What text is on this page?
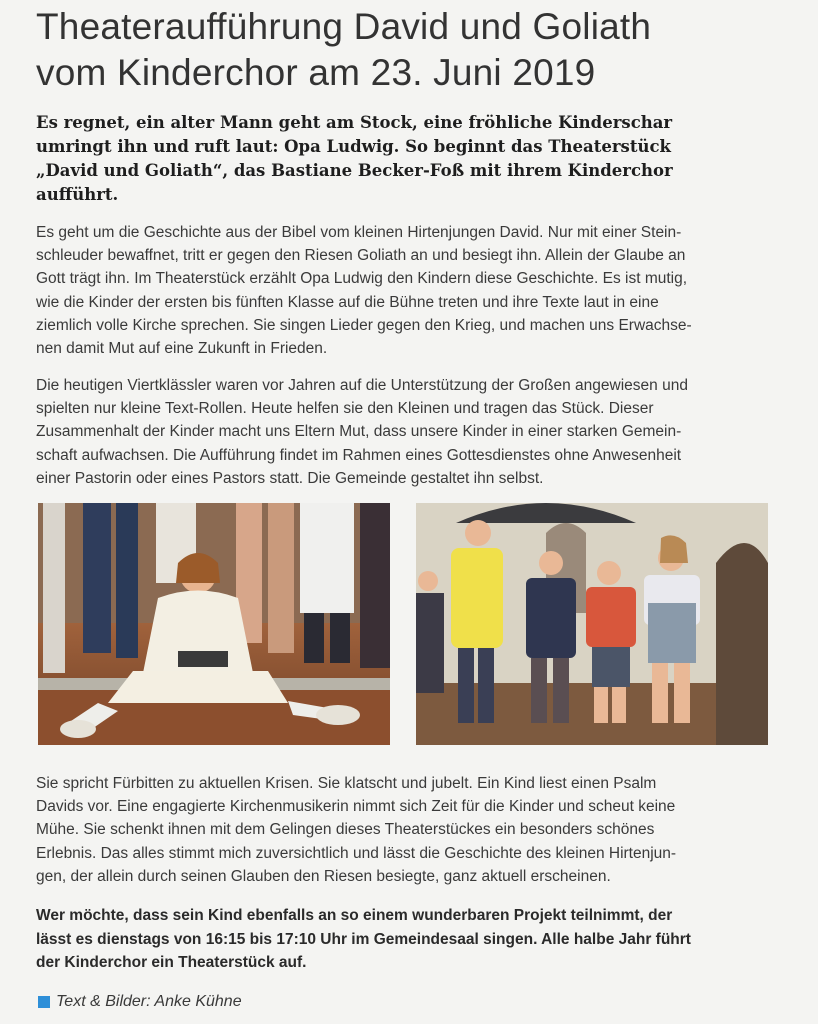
Theateraufführung David und Goliath
vom Kinderchor am 23. Juni 2019
Es regnet, ein alter Mann geht am Stock, eine fröhliche Kinderschar
umringt ihn und ruft laut: Opa Ludwig. So beginnt das Theaterstück
„David und Goliath“, das Bastiane Becker-Foß mit ihrem Kinderchor
aufführt.
Es geht um die Geschichte aus der Bibel vom kleinen Hirtenjungen David. Nur mit einer Stein-
schleuder bewaffnet, tritt er gegen den Riesen Goliath an und besiegt ihn. Allein der Glaube an
Gott trägt ihn. Im Theaterstück erzählt Opa Ludwig den Kindern diese Geschichte. Es ist mutig,
wie die Kinder der ersten bis fünften Klasse auf die Bühne treten und ihre Texte laut in eine
ziemlich volle Kirche sprechen. Sie singen Lieder gegen den Krieg, und machen uns Erwachse-
nen damit Mut auf eine Zukunft in Frieden.
Die heutigen Viertklässler waren vor Jahren auf die Unterstützung der Großen angewiesen und
spielten nur kleine Text-Rollen. Heute helfen sie den Kleinen und tragen das Stück. Dieser
Zusammenhalt der Kinder macht uns Eltern Mut, dass unsere Kinder in einer starken Gemein-
schaft aufwachsen. Die Aufführung findet im Rahmen eines Gottesdienstes ohne Anwesenheit
einer Pastorin oder eines Pastors statt. Die Gemeinde gestaltet ihn selbst.
Sie spricht Fürbitten zu aktuellen Krisen. Sie klatscht und jubelt. Ein Kind liest einen Psalm
Davids vor. Eine engagierte Kirchenmusikerin nimmt sich Zeit für die Kinder und scheut keine
Mühe. Sie schenkt ihnen mit dem Gelingen dieses Theaterstückes ein besonders schönes
Erlebnis. Das alles stimmt mich zuversichtlich und lässt die Geschichte des kleinen Hirtenjun-
gen, der allein durch seinen Glauben den Riesen besiegte, ganz aktuell erscheinen.
Wer möchte, dass sein Kind ebenfalls an so einem wunderbaren Projekt teilnimmt, der
lässt es dienstags von 16:15 bis 17:10 Uhr im Gemeindesaal singen. Alle halbe Jahr führt
der Kinderchor ein Theaterstück auf.
Text & Bilder: Anke Kühne
